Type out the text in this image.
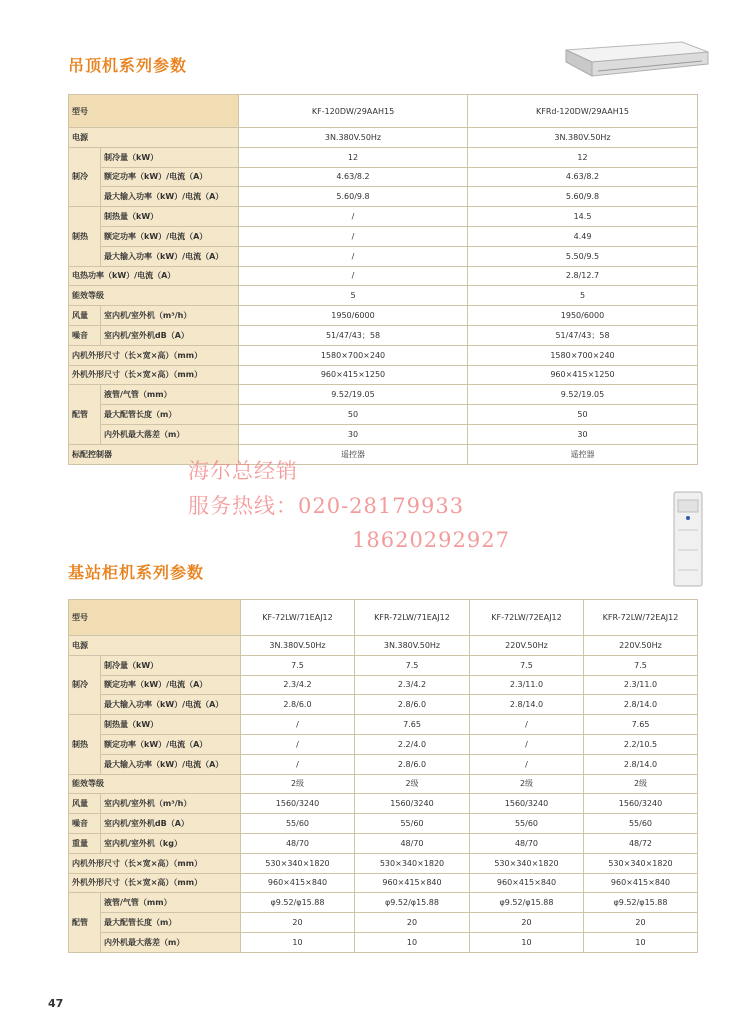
吊顶机系列参数
型号		KF-120DW/29AAH15	KFRd-120DW/29AAH15
电源		3N.380V.50Hz	3N.380V.50Hz
制冷	制冷量（kW）	12	12
	额定功率（kW）/电流（A）	4.63/8.2	4.63/8.2
	最大输入功率（kW）/电流（A）	5.60/9.8	5.60/9.8
制热	制热量（kW）	/	14.5
	额定功率（kW）/电流（A）	/	4.49
	最大输入功率（kW）/电流（A）	/	5.50/9.5
电热功率（kW）/电流（A）		/	2.8/12.7
能效等级		5	5
风量	室内机/室外机（m³/h）	1950/6000	1950/6000
噪音	室内机/室外机dB（A）	51/47/43；58	51/47/43；58
内机外形尺寸（长×宽×高）（mm）		1580×700×240	1580×700×240
外机外形尺寸（长×宽×高）（mm）		960×415×1250	960×415×1250
配管	液管/气管（mm）	9.52/19.05	9.52/19.05
	最大配管长度（m）	50	50
	内外机最大落差（m）	30	30
标配控制器		遥控器	遥控器
海尔总经销
服务热线：020-28179933
18620292927
基站柜机系列参数
型号		KF-72LW/71EAJ12	KFR-72LW/71EAJ12	KF-72LW/72EAJ12	KFR-72LW/72EAJ12
电源		3N.380V.50Hz	3N.380V.50Hz	220V.50Hz	220V.50Hz
制冷	制冷量（kW）	7.5	7.5	7.5	7.5
	额定功率（kW）/电流（A）	2.3/4.2	2.3/4.2	2.3/11.0	2.3/11.0
	最大输入功率（kW）/电流（A）	2.8/6.0	2.8/6.0	2.8/14.0	2.8/14.0
制热	制热量（kW）	/	7.65	/	7.65
	额定功率（kW）/电流（A）	/	2.2/4.0	/	2.2/10.5
	最大输入功率（kW）/电流（A）	/	2.8/6.0	/	2.8/14.0
能效等级		2级	2级	2级	2级
风量	室内机/室外机（m³/h）	1560/3240	1560/3240	1560/3240	1560/3240
噪音	室内机/室外机dB（A）	55/60	55/60	55/60	55/60
重量	室内机/室外机（kg）	48/70	48/70	48/70	48/72
内机外形尺寸（长×宽×高）（mm）		530×340×1820	530×340×1820	530×340×1820	530×340×1820
外机外形尺寸（长×宽×高）（mm）		960×415×840	960×415×840	960×415×840	960×415×840
配管	液管/气管（mm）	φ9.52/φ15.88	φ9.52/φ15.88	φ9.52/φ15.88	φ9.52/φ15.88
	最大配管长度（m）	20	20	20	20
	内外机最大落差（m）	10	10	10	10
47
